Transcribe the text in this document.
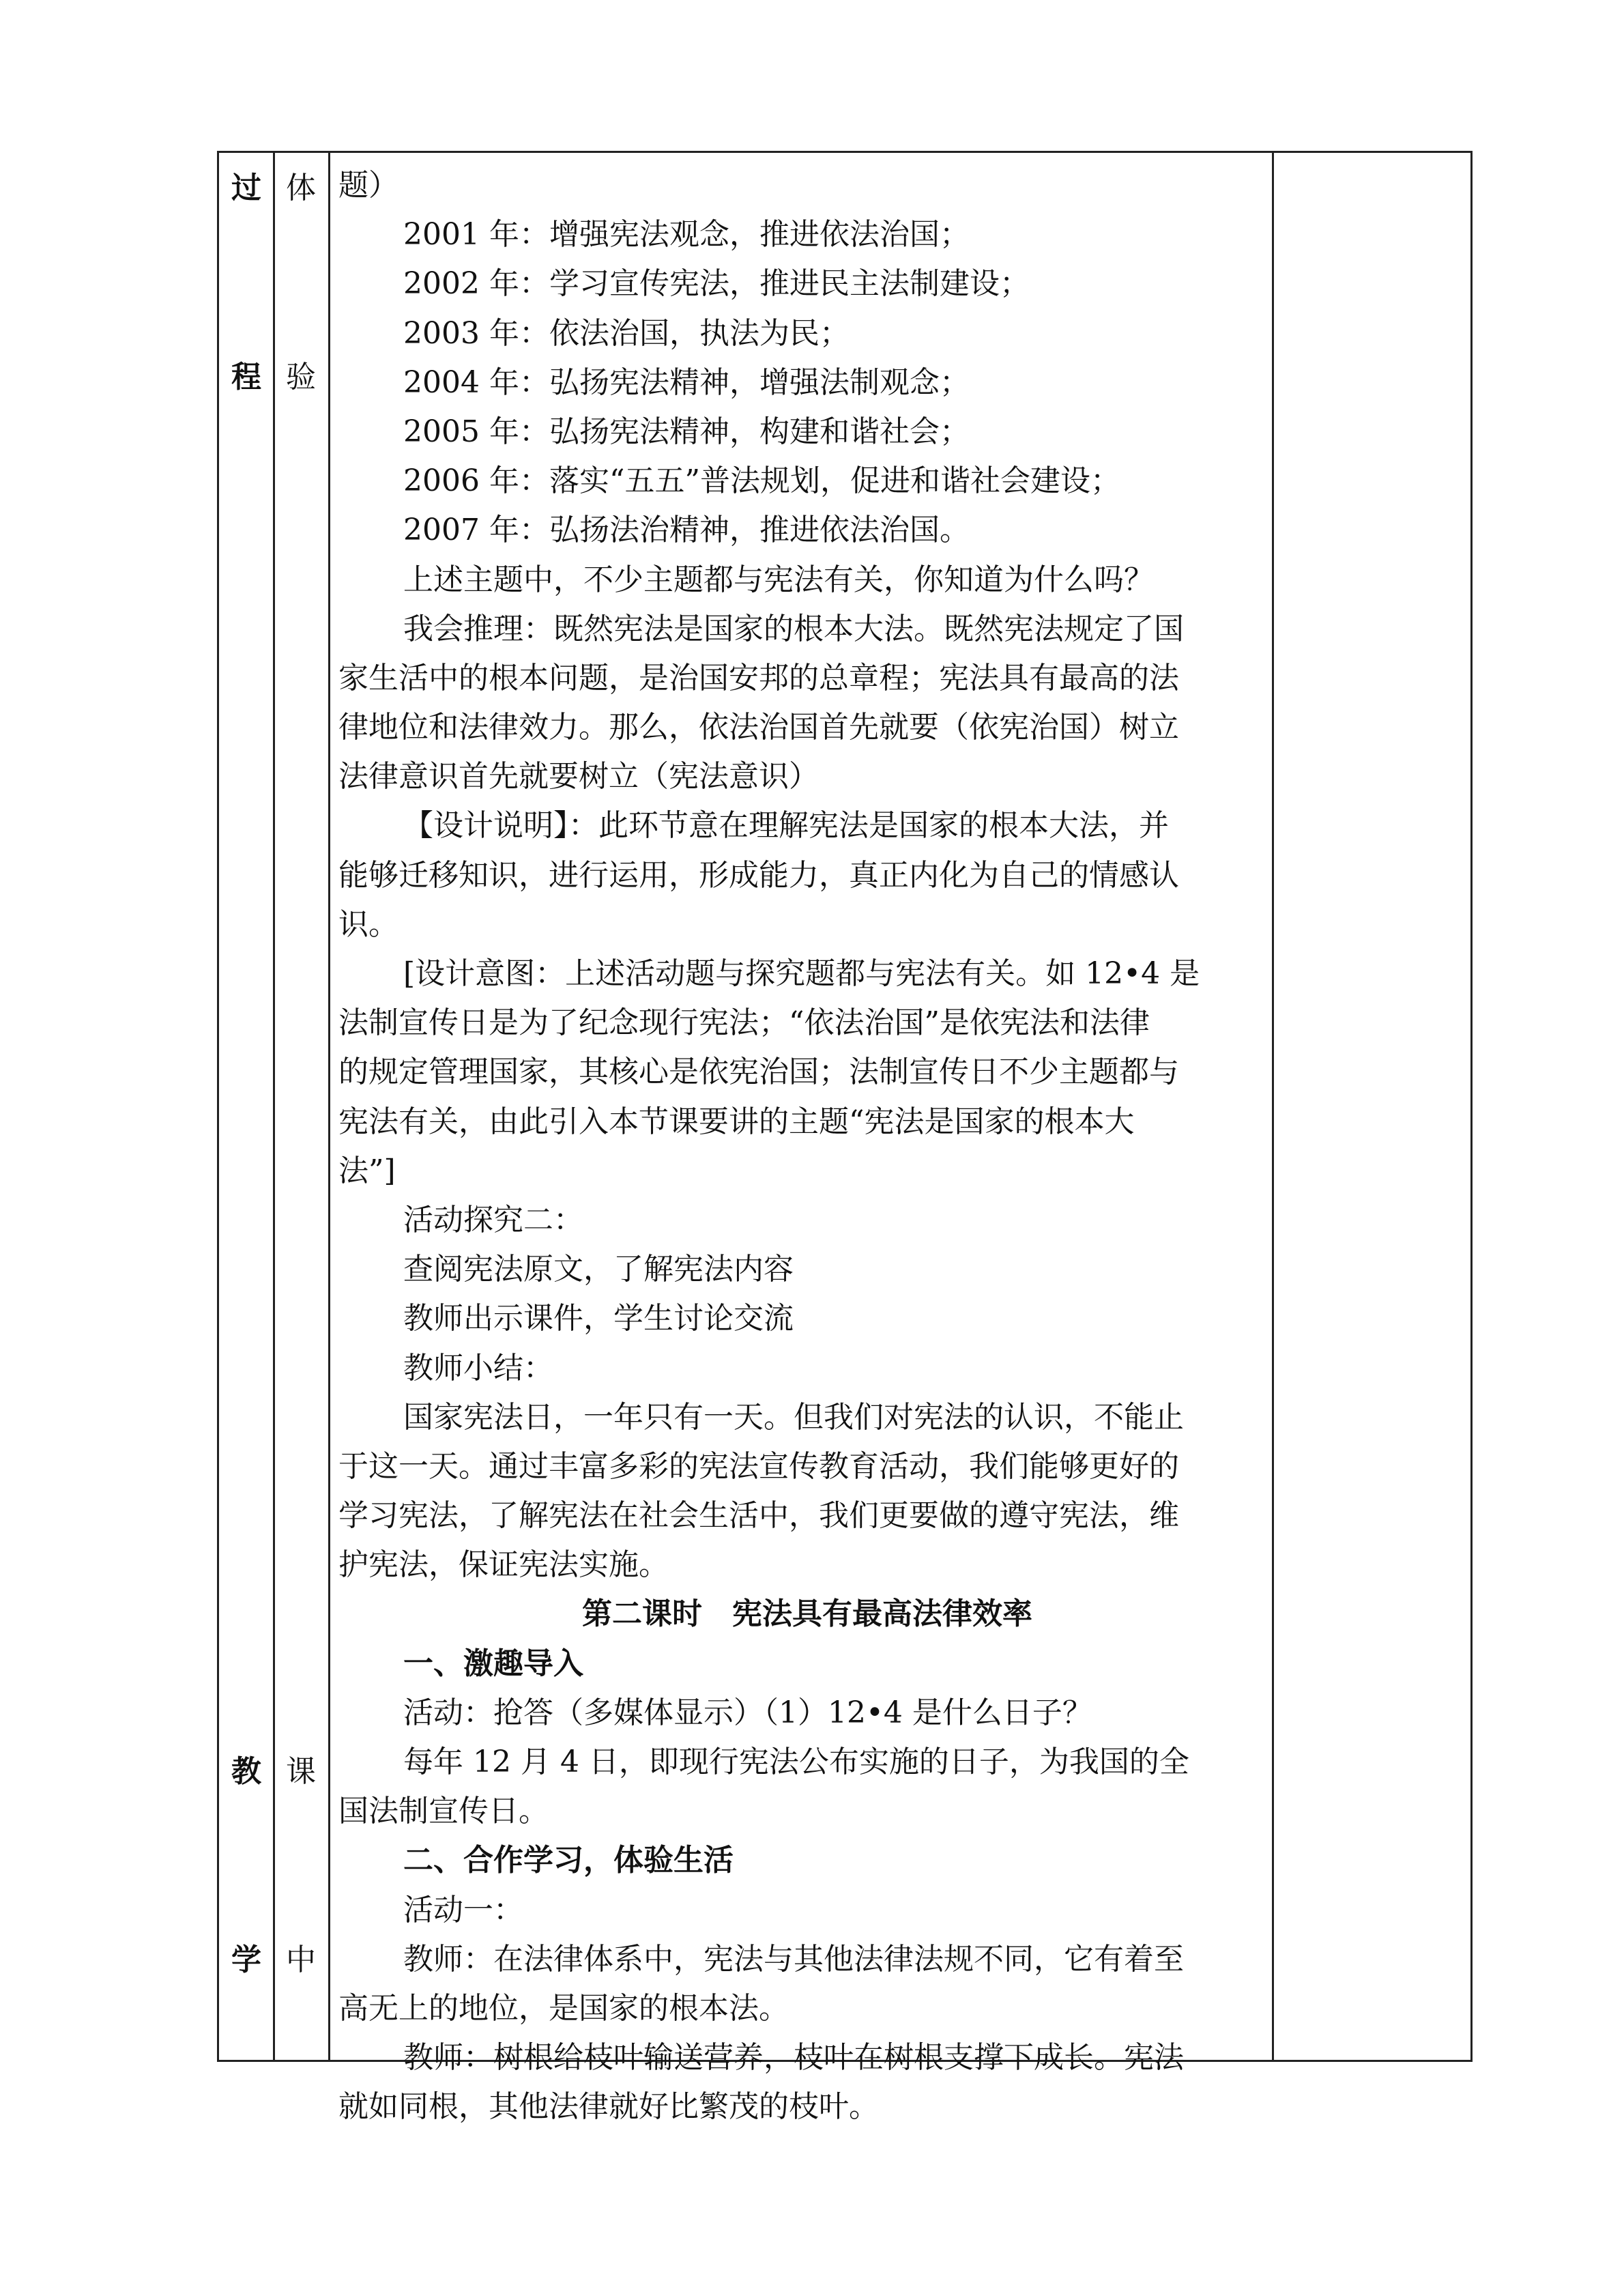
过
程
教
学
体
验
课
中
题）
2001 年：增强宪法观念，推进依法治国；
2002 年：学习宣传宪法，推进民主法制建设；
2003 年：依法治国，执法为民；
2004 年：弘扬宪法精神，增强法制观念；
2005 年：弘扬宪法精神，构建和谐社会；
2006 年：落实“五五”普法规划，促进和谐社会建设；
2007 年：弘扬法治精神，推进依法治国。
上述主题中，不少主题都与宪法有关，你知道为什么吗？
我会推理：既然宪法是国家的根本大法。既然宪法规定了国
家生活中的根本问题，是治国安邦的总章程；宪法具有最高的法
律地位和法律效力。那么，依法治国首先就要（依宪治国）树立
法律意识首先就要树立（宪法意识）
【设计说明】：此环节意在理解宪法是国家的根本大法，并
能够迁移知识，进行运用，形成能力，真正内化为自己的情感认
识。
[设计意图：上述活动题与探究题都与宪法有关。如 12•4 是
法制宣传日是为了纪念现行宪法；“依法治国”是依宪法和法律
的规定管理国家，其核心是依宪治国；法制宣传日不少主题都与
宪法有关，由此引入本节课要讲的主题“宪法是国家的根本大
法”]
活动探究二：
查阅宪法原文，了解宪法内容
教师出示课件，学生讨论交流
教师小结：
国家宪法日，一年只有一天。但我们对宪法的认识，不能止
于这一天。通过丰富多彩的宪法宣传教育活动，我们能够更好的
学习宪法，了解宪法在社会生活中，我们更要做的遵守宪法，维
护宪法，保证宪法实施。
第二课时　宪法具有最高法律效率
一、激趣导入
活动：抢答（多媒体显示）（1）12•4 是什么日子？
每年 12 月 4 日，即现行宪法公布实施的日子，为我国的全
国法制宣传日。
二、合作学习，体验生活
活动一：
教师：在法律体系中，宪法与其他法律法规不同，它有着至
高无上的地位，是国家的根本法。
教师：树根给枝叶输送营养，枝叶在树根支撑下成长。宪法
就如同根，其他法律就好比繁茂的枝叶。
